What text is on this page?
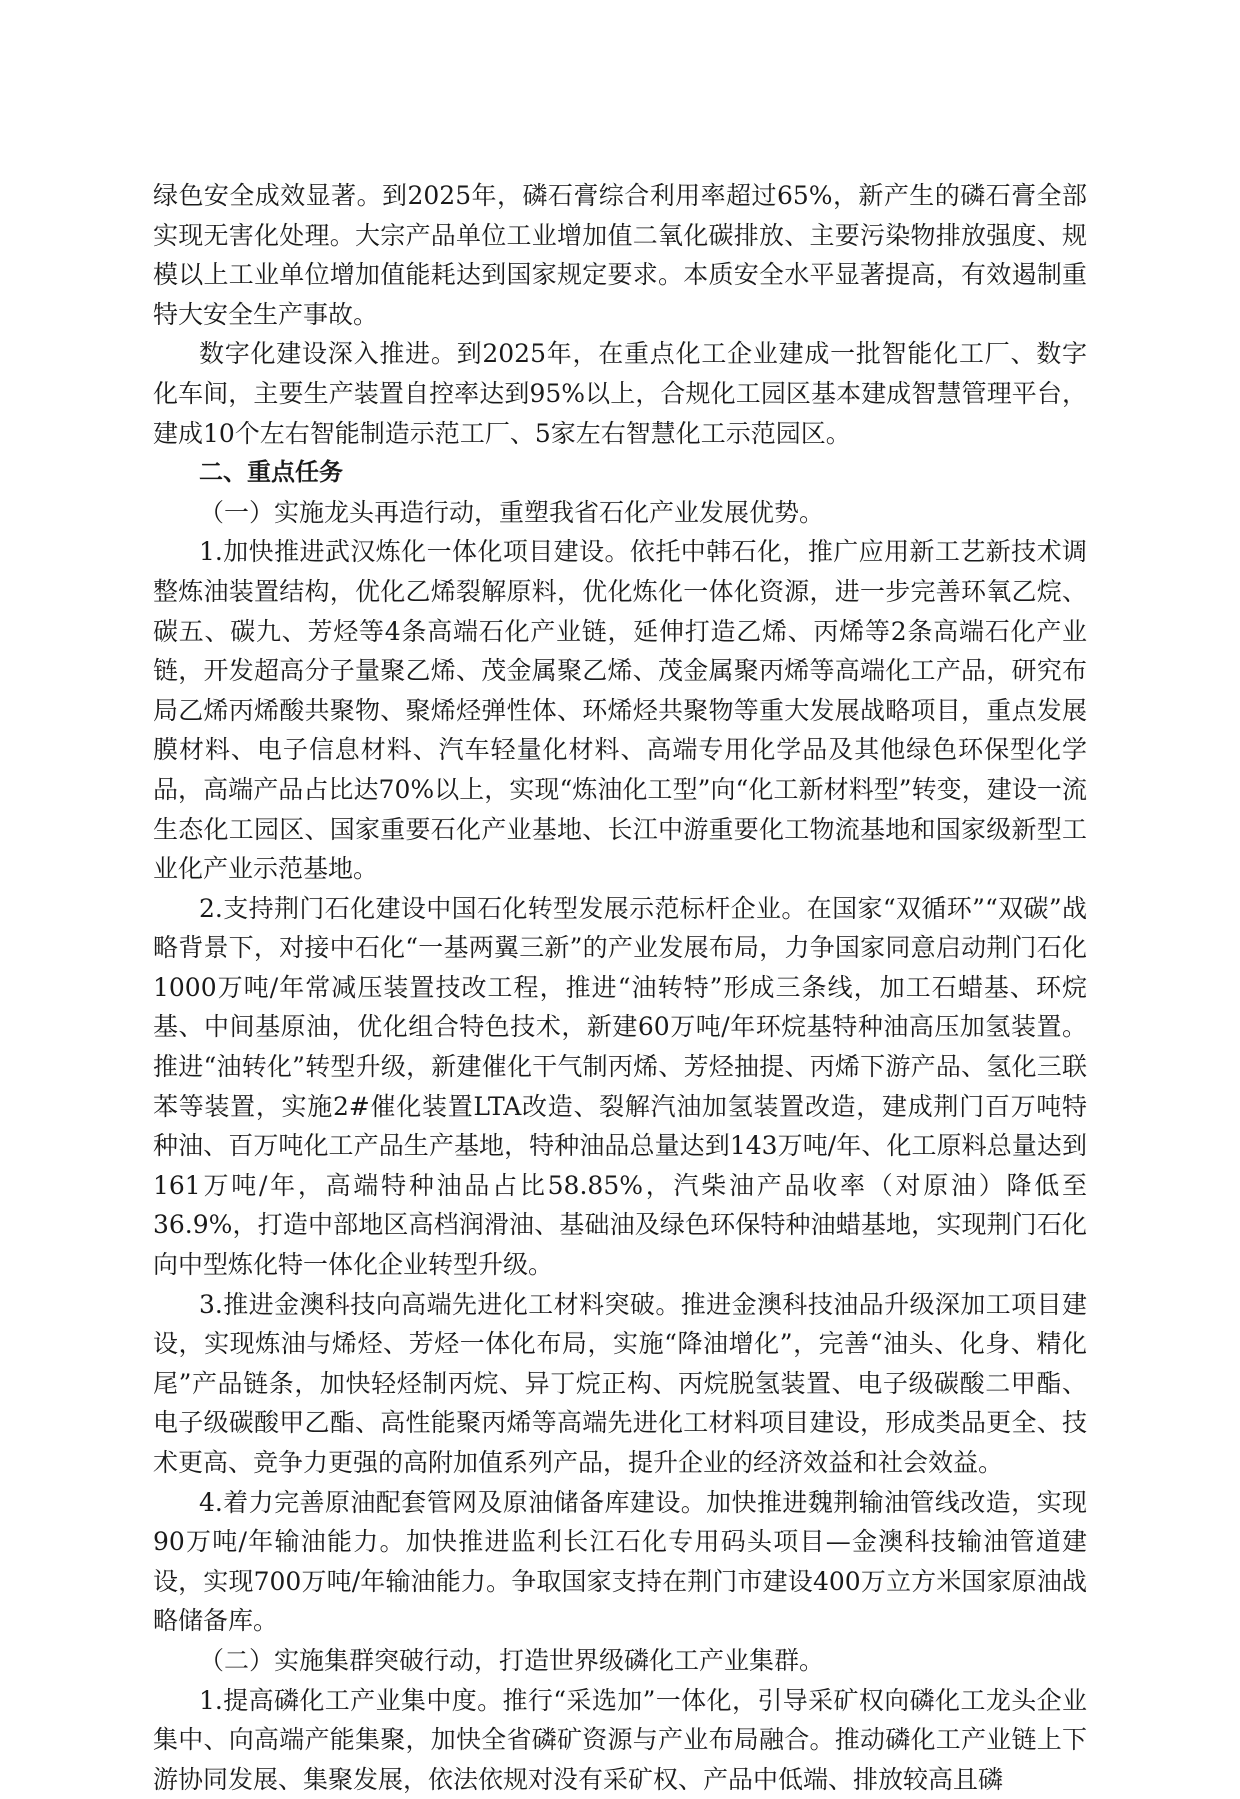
绿色安全成效显著。到2025年，磷石膏综合利用率超过65%，新产生的磷石膏全部实现无害化处理。大宗产品单位工业增加值二氧化碳排放、主要污染物排放强度、规模以上工业单位增加值能耗达到国家规定要求。本质安全水平显著提高，有效遏制重特大安全生产事故。

数字化建设深入推进。到2025年，在重点化工企业建成一批智能化工厂、数字化车间，主要生产装置自控率达到95%以上，合规化工园区基本建成智慧管理平台，建成10个左右智能制造示范工厂、5家左右智慧化工示范园区。

二、重点任务

（一）实施龙头再造行动，重塑我省石化产业发展优势。

1.加快推进武汉炼化一体化项目建设。依托中韩石化，推广应用新工艺新技术调整炼油装置结构，优化乙烯裂解原料，优化炼化一体化资源，进一步完善环氧乙烷、碳五、碳九、芳烃等4条高端石化产业链，延伸打造乙烯、丙烯等2条高端石化产业链，开发超高分子量聚乙烯、茂金属聚乙烯、茂金属聚丙烯等高端化工产品，研究布局乙烯丙烯酸共聚物、聚烯烃弹性体、环烯烃共聚物等重大发展战略项目，重点发展膜材料、电子信息材料、汽车轻量化材料、高端专用化学品及其他绿色环保型化学品，高端产品占比达70%以上，实现“炼油化工型”向“化工新材料型”转变，建设一流生态化工园区、国家重要石化产业基地、长江中游重要化工物流基地和国家级新型工业化产业示范基地。

2.支持荆门石化建设中国石化转型发展示范标杆企业。在国家“双循环”“双碳”战略背景下，对接中石化“一基两翼三新”的产业发展布局，力争国家同意启动荆门石化1000万吨/年常减压装置技改工程，推进“油转特”形成三条线，加工石蜡基、环烷基、中间基原油，优化组合特色技术，新建60万吨/年环烷基特种油高压加氢装置。推进“油转化”转型升级，新建催化干气制丙烯、芳烃抽提、丙烯下游产品、氢化三联苯等装置，实施2#催化装置LTA改造、裂解汽油加氢装置改造，建成荆门百万吨特种油、百万吨化工产品生产基地，特种油品总量达到143万吨/年、化工原料总量达到161万吨/年，高端特种油品占比58.85%，汽柴油产品收率（对原油）降低至36.9%，打造中部地区高档润滑油、基础油及绿色环保特种油蜡基地，实现荆门石化向中型炼化特一体化企业转型升级。

3.推进金澳科技向高端先进化工材料突破。推进金澳科技油品升级深加工项目建设，实现炼油与烯烃、芳烃一体化布局，实施“降油增化”，完善“油头、化身、精化尾”产品链条，加快轻烃制丙烷、异丁烷正构、丙烷脱氢装置、电子级碳酸二甲酯、电子级碳酸甲乙酯、高性能聚丙烯等高端先进化工材料项目建设，形成类品更全、技术更高、竞争力更强的高附加值系列产品，提升企业的经济效益和社会效益。

4.着力完善原油配套管网及原油储备库建设。加快推进魏荆输油管线改造，实现90万吨/年输油能力。加快推进监利长江石化专用码头项目—金澳科技输油管道建设，实现700万吨/年输油能力。争取国家支持在荆门市建设400万立方米国家原油战略储备库。

（二）实施集群突破行动，打造世界级磷化工产业集群。

1.提高磷化工产业集中度。推行“采选加”一体化，引导采矿权向磷化工龙头企业集中、向高端产能集聚，加快全省磷矿资源与产业布局融合。推动磷化工产业链上下游协同发展、集聚发展，依法依规对没有采矿权、产品中低端、排放较高且磷
